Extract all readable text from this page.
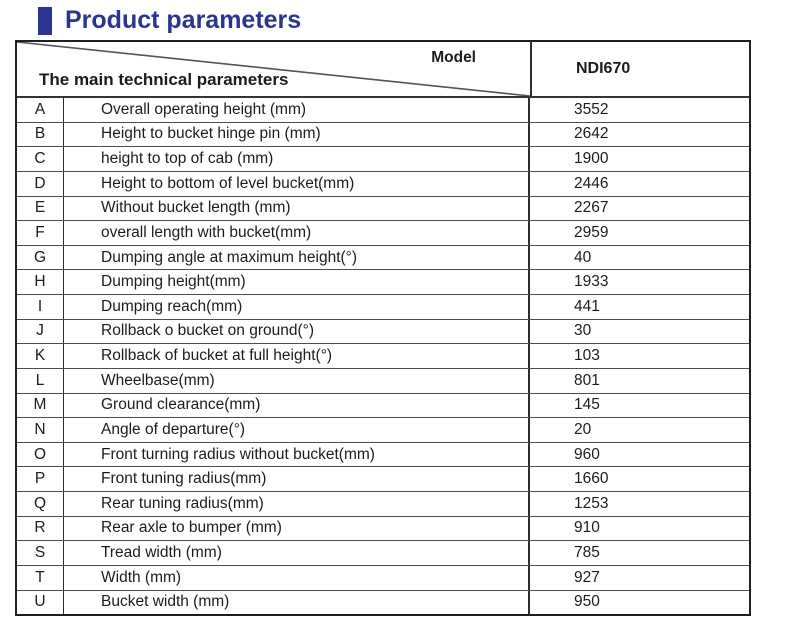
Product parameters
Model
The main technical parameters
NDI670
A	Overall operating height (mm)	3552
B	Height to bucket hinge pin (mm)	2642
C	height to top of cab (mm)	1900
D	Height to bottom of level bucket(mm)	2446
E	Without bucket length (mm)	2267
F	overall length with bucket(mm)	2959
G	Dumping angle at maximum height(°)	40
H	Dumping height(mm)	1933
I	Dumping reach(mm)	441
J	Rollback o bucket on ground(°)	30
K	Rollback of bucket at full height(°)	103
L	Wheelbase(mm)	801
M	Ground clearance(mm)	145
N	Angle of departure(°)	20
O	Front turning radius without bucket(mm)	960
P	Front tuning radius(mm)	1660
Q	Rear tuning radius(mm)	1253
R	Rear axle to bumper (mm)	910
S	Tread width (mm)	785
T	Width (mm)	927
U	Bucket width (mm)	950
